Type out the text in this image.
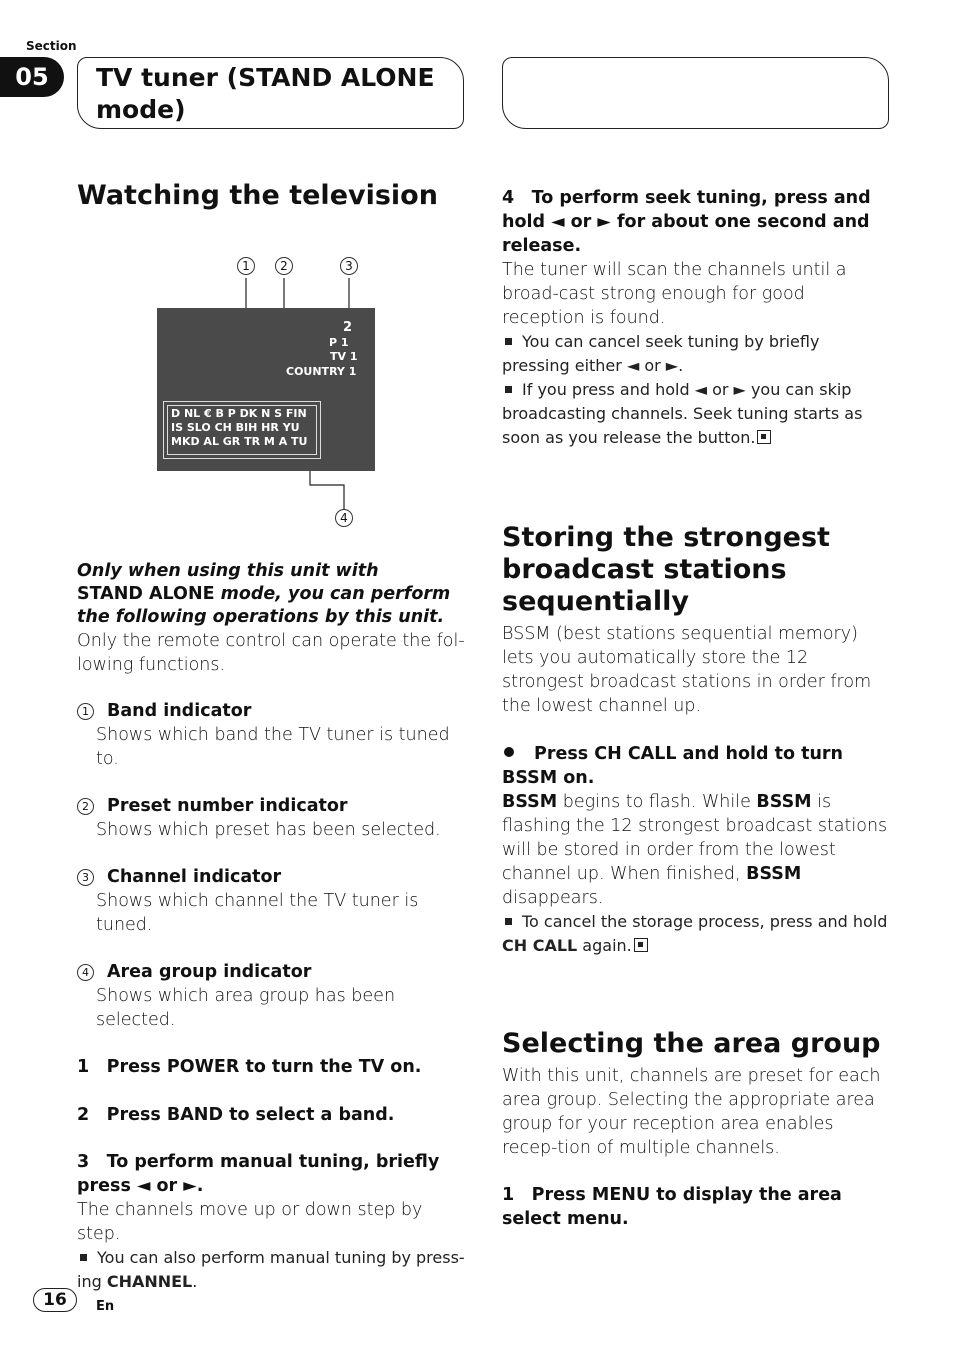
Section
05	TV tuner (STAND ALONE mode)
Watching the television
1	2	3
2
P 1
TV 1
COUNTRY 1
D NL € B P DK N S FIN
IS SLO CH BIH HR YU
MKD AL GR TR M A TU
4
Only when using this unit with
STAND ALONE mode, you can perform the following operations by this unit.

Only the remote control can operate the fol-lowing functions.

1 Band indicator
Shows which band the TV tuner is tuned to.
2 Preset number indicator
Shows which preset has been selected.
3 Channel indicator
Shows which channel the TV tuner is tuned.
4 Area group indicator
Shows which area group has been selected.
1 Press POWER to turn the TV on.
2 Press BAND to select a band.
3 To perform manual tuning, briefly press ◄ or ►.

The channels move up or down step by step.

You can also perform manual tuning by press-ing CHANNEL.
4 To perform seek tuning, press and hold ◄ or ► for about one second and release.

The tuner will scan the channels until a broad-cast strong enough for good reception is found.

You can cancel seek tuning by briefly pressing either ◄ or ►.
If you press and hold ◄ or ► you can skip broadcasting channels. Seek tuning starts as soon as you release the button.
Storing the strongest broadcast stations sequentially

BSSM (best stations sequential memory) lets you automatically store the 12 strongest broadcast stations in order from the lowest channel up.

Press CH CALL and hold to turn BSSM on.

BSSM begins to flash. While BSSM is flashing the 12 strongest broadcast stations will be stored in order from the lowest channel up. When finished, BSSM disappears.

To cancel the storage process, press and hold CH CALL again.
Selecting the area group

With this unit, channels are preset for each area group. Selecting the appropriate area group for your reception area enables recep-tion of multiple channels.

1 Press MENU to display the area select menu.
16	En
